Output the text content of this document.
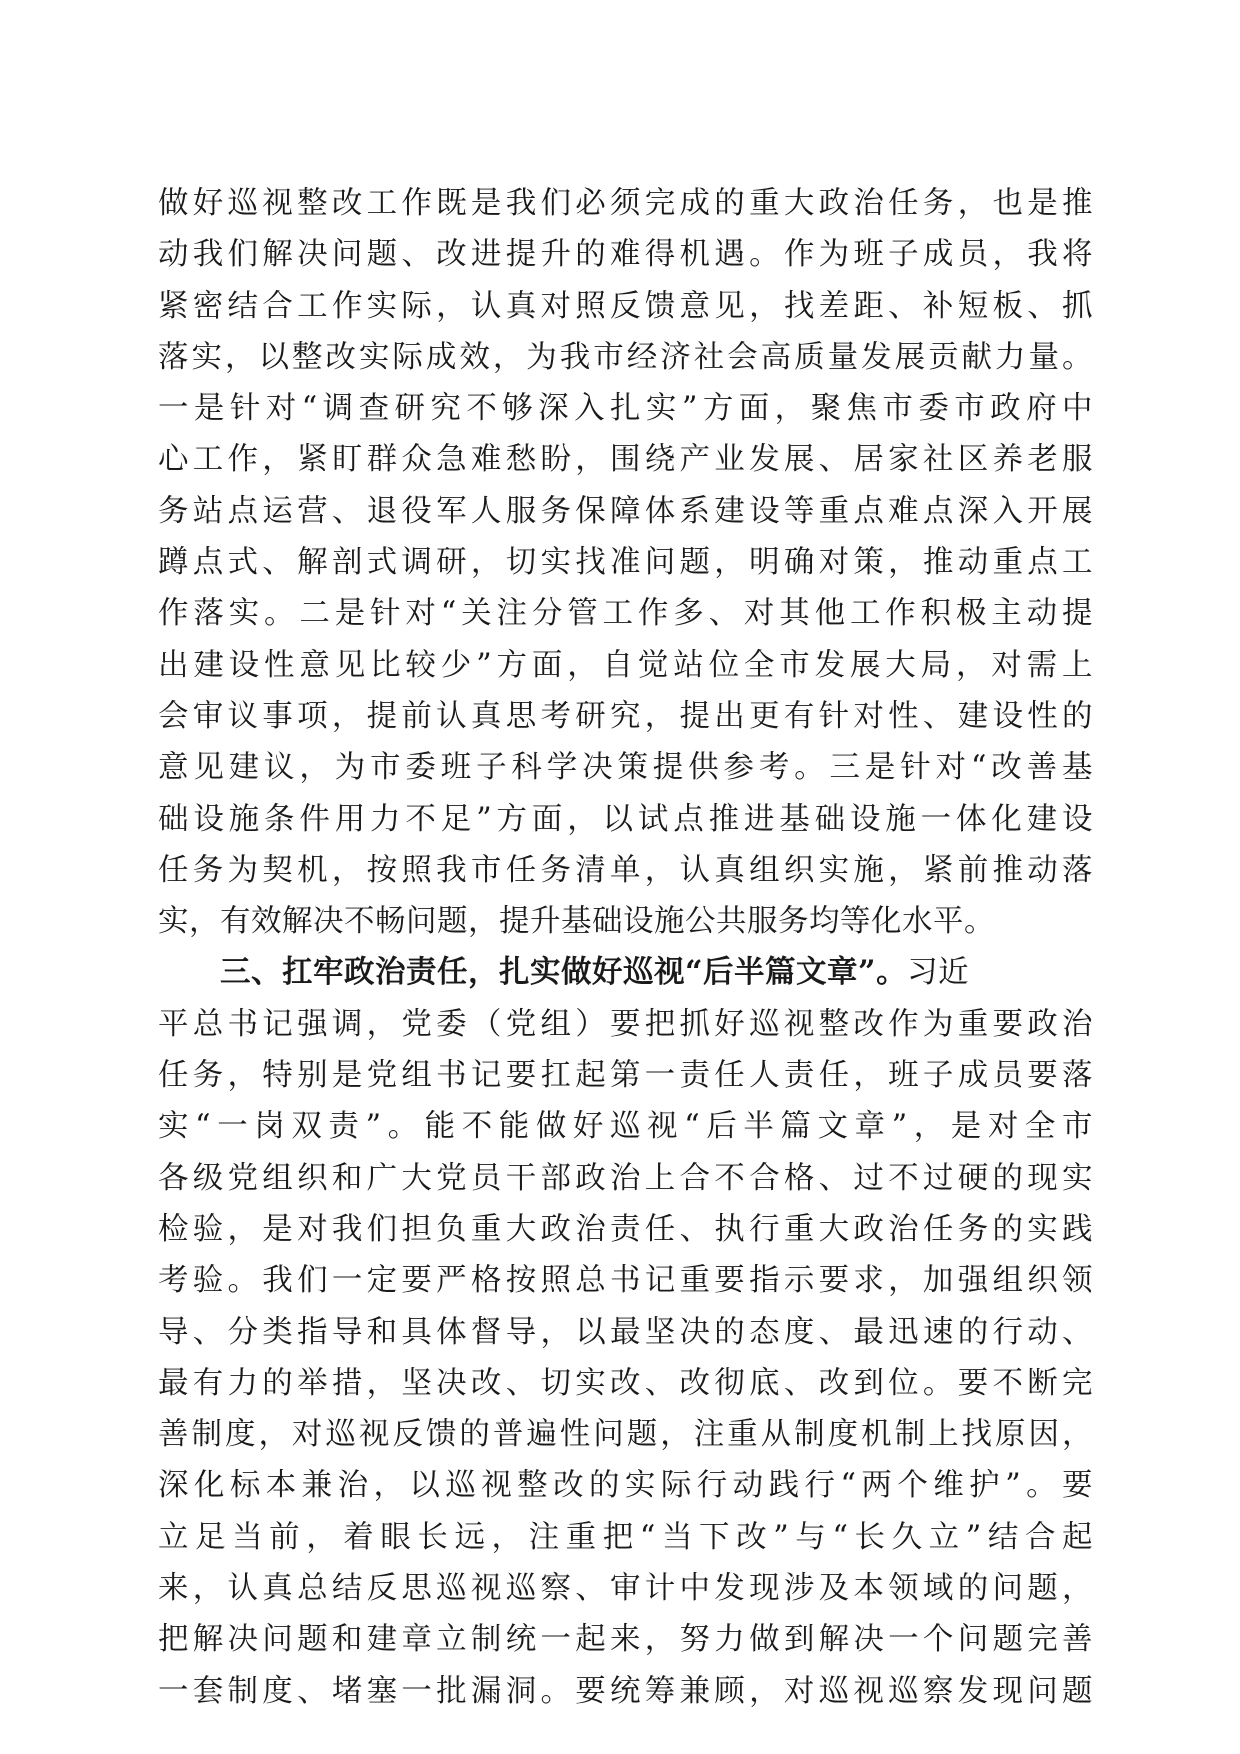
做好巡视整改工作既是我们必须完成的重大政治任务，也是推
动我们解决问题、改进提升的难得机遇。作为班子成员，我将
紧密结合工作实际，认真对照反馈意见，找差距、补短板、抓
落实，以整改实际成效，为我市经济社会高质量发展贡献力量。
一是针对“调查研究不够深入扎实”方面，聚焦市委市政府中
心工作，紧盯群众急难愁盼，围绕产业发展、居家社区养老服
务站点运营、退役军人服务保障体系建设等重点难点深入开展
蹲点式、解剖式调研，切实找准问题，明确对策，推动重点工
作落实。二是针对“关注分管工作多、对其他工作积极主动提
出建设性意见比较少”方面，自觉站位全市发展大局，对需上
会审议事项，提前认真思考研究，提出更有针对性、建设性的
意见建议，为市委班子科学决策提供参考。三是针对“改善基
础设施条件用力不足”方面，以试点推进基础设施一体化建设
任务为契机，按照我市任务清单，认真组织实施，紧前推动落
实，有效解决不畅问题，提升基础设施公共服务均等化水平。
三、扛牢政治责任，扎实做好巡视“后半篇文章”。习近
平总书记强调，党委（党组）要把抓好巡视整改作为重要政治
任务，特别是党组书记要扛起第一责任人责任，班子成员要落
实“一岗双责”。能不能做好巡视“后半篇文章”，是对全市
各级党组织和广大党员干部政治上合不合格、过不过硬的现实
检验，是对我们担负重大政治责任、执行重大政治任务的实践
考验。我们一定要严格按照总书记重要指示要求，加强组织领
导、分类指导和具体督导，以最坚决的态度、最迅速的行动、
最有力的举措，坚决改、切实改、改彻底、改到位。要不断完
善制度，对巡视反馈的普遍性问题，注重从制度机制上找原因，
深化标本兼治，以巡视整改的实际行动践行“两个维护”。要
立足当前，着眼长远，注重把“当下改”与“长久立”结合起
来，认真总结反思巡视巡察、审计中发现涉及本领域的问题，
把解决问题和建章立制统一起来，努力做到解决一个问题完善
一套制度、堵塞一批漏洞。要统筹兼顾，对巡视巡察发现问题
